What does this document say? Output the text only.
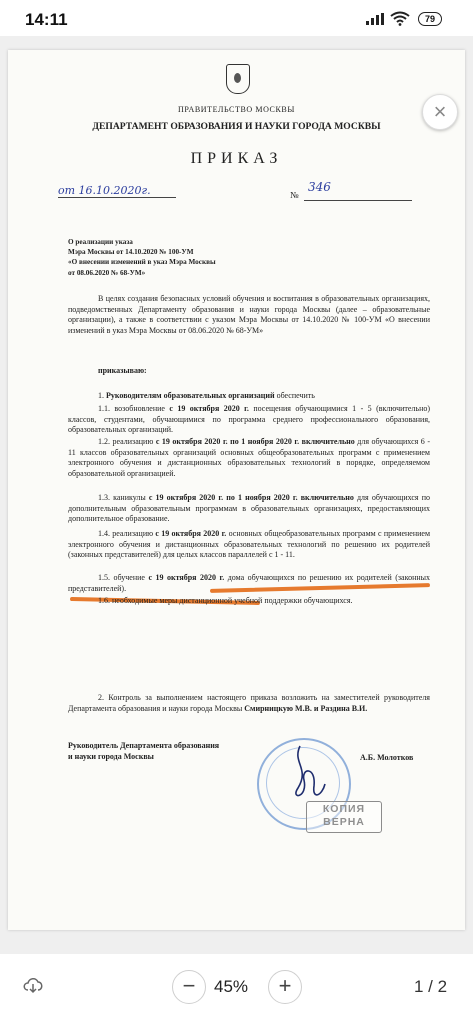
14:11	79
ПРАВИТЕЛЬСТВО МОСКВЫ
ДЕПАРТАМЕНТ ОБРАЗОВАНИЯ И НАУКИ ГОРОДА МОСКВЫ
ПРИКАЗ
от 16.10.2020г.	№
346
О реализации указа
Мэра Москвы от 14.10.2020 № 100-УМ
«О внесении изменений в указ Мэра Москвы
от 08.06.2020 № 68-УМ»
В целях создания безопасных условий обучения и воспитания в образовательных организациях, подведомственных Департаменту образования и науки города Москвы (далее – образовательные организации), а также в соответствии с указом Мэра Москвы от 14.10.2020 № 100-УМ «О внесении изменений в указ Мэра Москвы от 08.06.2020 № 68-УМ»
приказываю:
1. Руководителям образовательных организаций обеспечить
1.1. возобновление с 19 октября 2020 г. посещения обучающимися 1 - 5 (включительно) классов, студентами, обучающимися по программа среднего профессионального образования, образовательных организаций.
1.2. реализацию с 19 октября 2020 г. по 1 ноября 2020 г. включительно для обучающихся 6 - 11 классов образовательных организаций основных общеобразовательных программ с применением электронного обучения и дистанционных образовательных технологий в порядке, определяемом образовательной организацией.
1.3. каникулы с 19 октября 2020 г. по 1 ноября 2020 г. включительно для обучающихся по дополнительным образовательным программам в образовательных организациях, предоставляющих дополнительное образование.
1.4. реализацию с 19 октября 2020 г. основных общеобразовательных программ с применением электронного обучения и дистанционных образовательных технологий по решению их родителей (законных представителей) для целых классов параллелей с 1 - 11.
1.5. обучение с 19 октября 2020 г. дома обучающихся по решению их родителей (законных представителей).
1.6. необходимые меры дистанционной учебной поддержки обучающихся.
2. Контроль за выполнением настоящего приказа возложить на заместителей руководителя Департамента образования и науки города Москвы Смирницкую М.В. и Раздина В.И.
Руководитель Департамента образования
и науки города Москвы	А.Б. Молотков
КОПИЯ
ВЕРНА
×
−	45%	+	1 / 2
